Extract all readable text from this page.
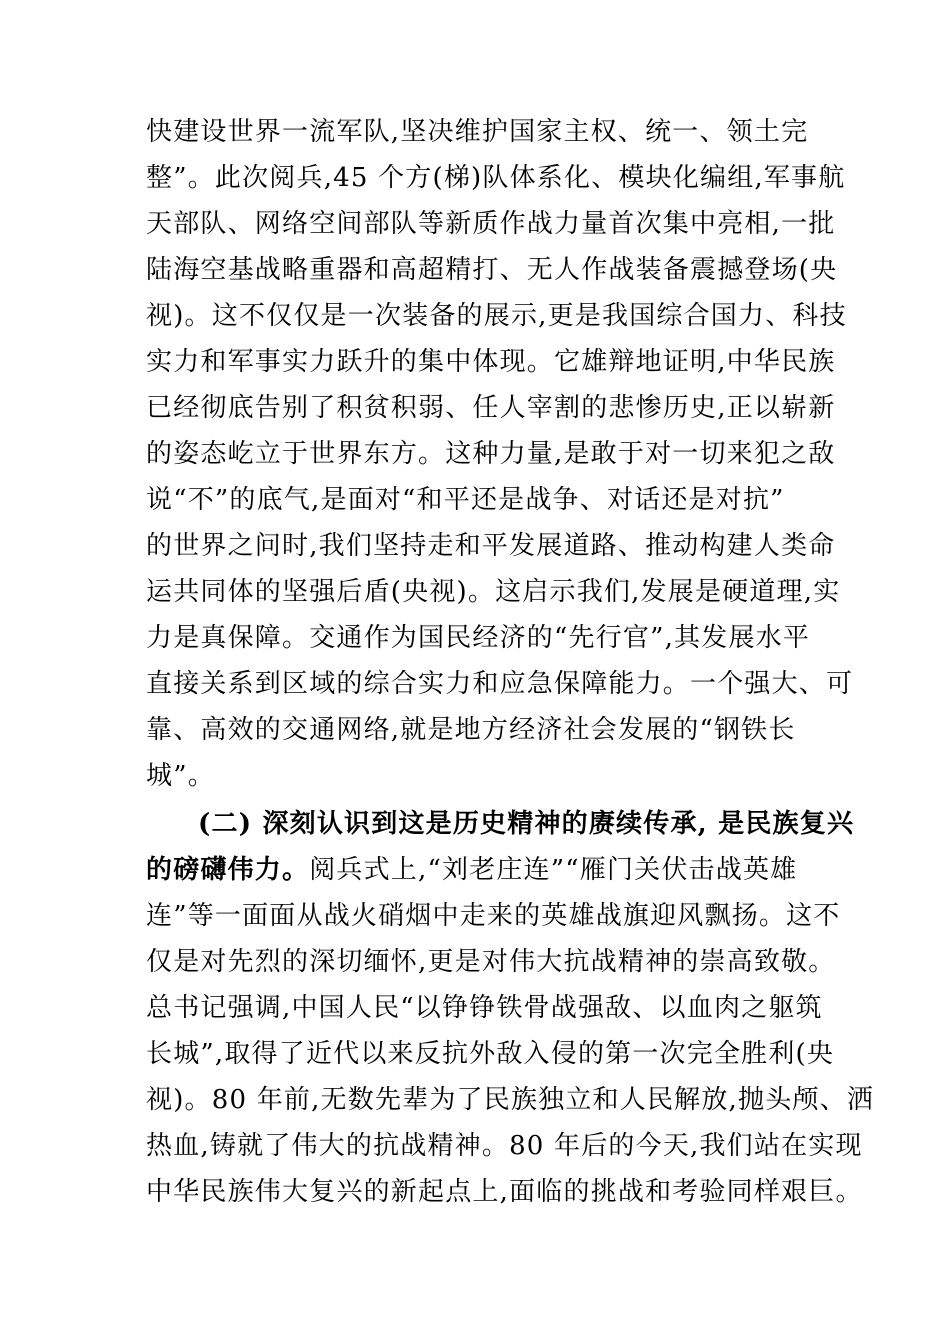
快建设世界一流军队,坚决维护国家主权、统一、领土完
整”。此次阅兵,45 个方(梯)队体系化、模块化编组,军事航
天部队、网络空间部队等新质作战力量首次集中亮相,一批
陆海空基战略重器和高超精打、无人作战装备震撼登场(央
视)。这不仅仅是一次装备的展示,更是我国综合国力、科技
实力和军事实力跃升的集中体现。它雄辩地证明,中华民族
已经彻底告别了积贫积弱、任人宰割的悲惨历史,正以崭新
的姿态屹立于世界东方。这种力量,是敢于对一切来犯之敌
说“不”的底气,是面对“和平还是战争、对话还是对抗”
的世界之问时,我们坚持走和平发展道路、推动构建人类命
运共同体的坚强后盾(央视)。这启示我们,发展是硬道理,实
力是真保障。交通作为国民经济的“先行官”,其发展水平
直接关系到区域的综合实力和应急保障能力。一个强大、可
靠、高效的交通网络,就是地方经济社会发展的“钢铁长
城”。
(二) 深刻认识到这是历史精神的赓续传承, 是民族复兴
的磅礴伟力。阅兵式上,“刘老庄连”“雁门关伏击战英雄
连”等一面面从战火硝烟中走来的英雄战旗迎风飘扬。这不
仅是对先烈的深切缅怀,更是对伟大抗战精神的崇高致敬。
总书记强调,中国人民“以铮铮铁骨战强敌、以血肉之躯筑
长城”,取得了近代以来反抗外敌入侵的第一次完全胜利(央
视)。80 年前,无数先辈为了民族独立和人民解放,抛头颅、洒
热血,铸就了伟大的抗战精神。80 年后的今天,我们站在实现
中华民族伟大复兴的新起点上,面临的挑战和考验同样艰巨。
